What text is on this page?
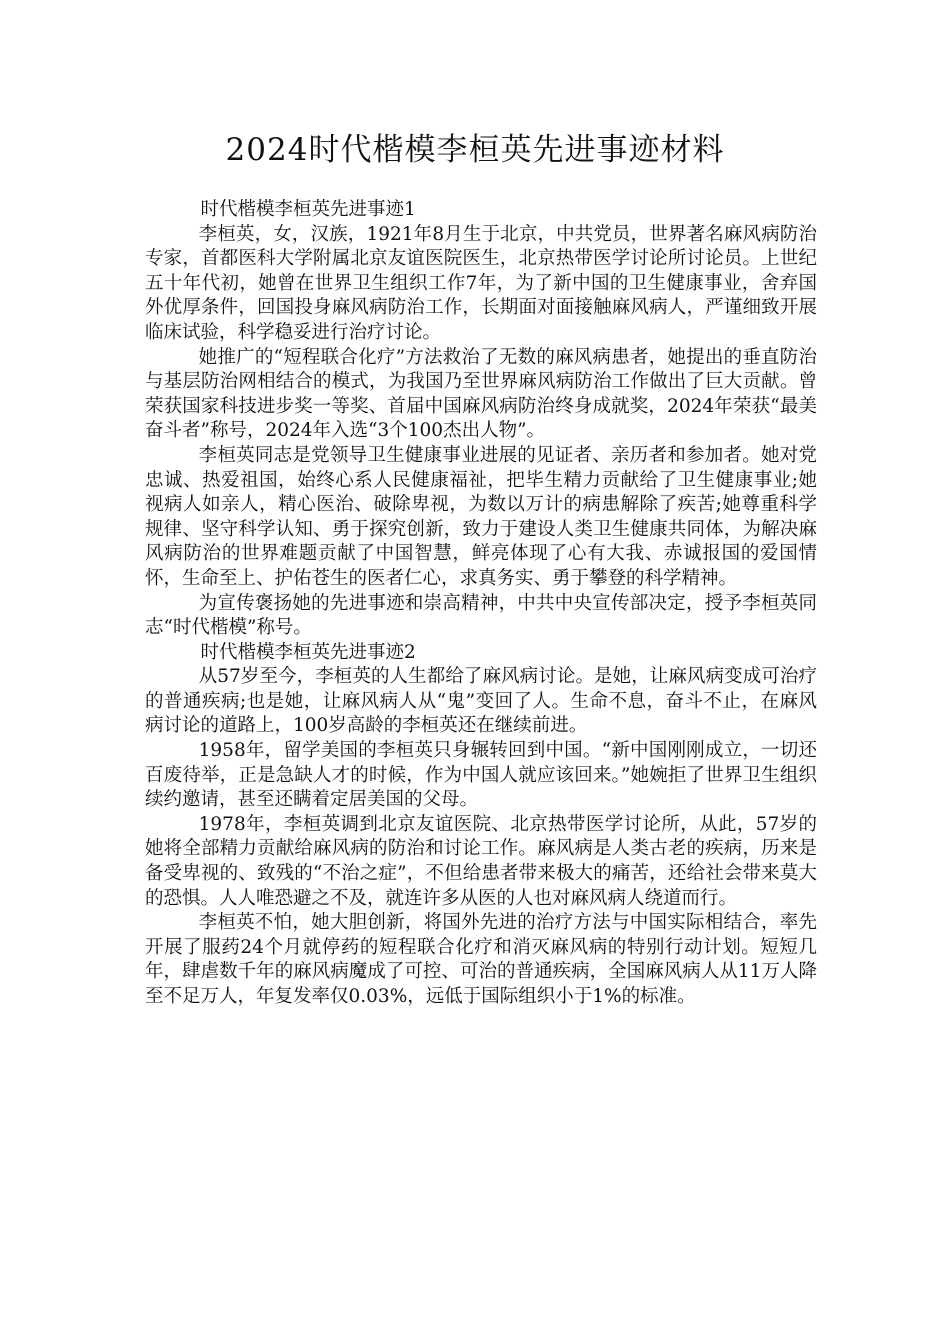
2024时代楷模李桓英先进事迹材料

时代楷模李桓英先进事迹1

李桓英，女，汉族，1921年8月生于北京，中共党员，世界著名麻风病防治专家，首都医科大学附属北京友谊医院医生，北京热带医学讨论所讨论员。上世纪五十年代初，她曾在世界卫生组织工作7年，为了新中国的卫生健康事业，舍弃国外优厚条件，回国投身麻风病防治工作，长期面对面接触麻风病人，严谨细致开展临床试验，科学稳妥进行治疗讨论。

她推广的“短程联合化疗”方法救治了无数的麻风病患者，她提出的垂直防治与基层防治网相结合的模式，为我国乃至世界麻风病防治工作做出了巨大贡献。曾荣获国家科技进步奖一等奖、首届中国麻风病防治终身成就奖，2024年荣获“最美奋斗者”称号，2024年入选“3个100杰出人物”。

李桓英同志是党领导卫生健康事业进展的见证者、亲历者和参加者。她对党忠诚、热爱祖国，始终心系人民健康福祉，把毕生精力贡献给了卫生健康事业;她视病人如亲人，精心医治、破除卑视，为数以万计的病患解除了疾苦;她尊重科学规律、坚守科学认知、勇于探究创新，致力于建设人类卫生健康共同体，为解决麻风病防治的世界难题贡献了中国智慧，鲜亮体现了心有大我、赤诚报国的爱国情怀，生命至上、护佑苍生的医者仁心，求真务实、勇于攀登的科学精神。

为宣传褒扬她的先进事迹和崇高精神，中共中央宣传部决定，授予李桓英同志“时代楷模”称号。

时代楷模李桓英先进事迹2

从57岁至今，李桓英的人生都给了麻风病讨论。是她，让麻风病变成可治疗的普通疾病;也是她，让麻风病人从“鬼”变回了人。生命不息，奋斗不止，在麻风病讨论的道路上，100岁高龄的李桓英还在继续前进。

1958年，留学美国的李桓英只身辗转回到中国。“新中国刚刚成立，一切还百废待举，正是急缺人才的时候，作为中国人就应该回来。”她婉拒了世界卫生组织续约邀请，甚至还瞒着定居美国的父母。

1978年，李桓英调到北京友谊医院、北京热带医学讨论所，从此，57岁的她将全部精力贡献给麻风病的防治和讨论工作。麻风病是人类古老的疾病，历来是备受卑视的、致残的“不治之症”，不但给患者带来极大的痛苦，还给社会带来莫大的恐惧。人人唯恐避之不及，就连许多从医的人也对麻风病人绕道而行。

李桓英不怕，她大胆创新，将国外先进的治疗方法与中国实际相结合，率先开展了服药24个月就停药的短程联合化疗和消灭麻风病的特别行动计划。短短几年，肆虐数千年的麻风病魔成了可控、可治的普通疾病，全国麻风病人从11万人降至不足万人，年复发率仅0.03%，远低于国际组织小于1%的标准。
